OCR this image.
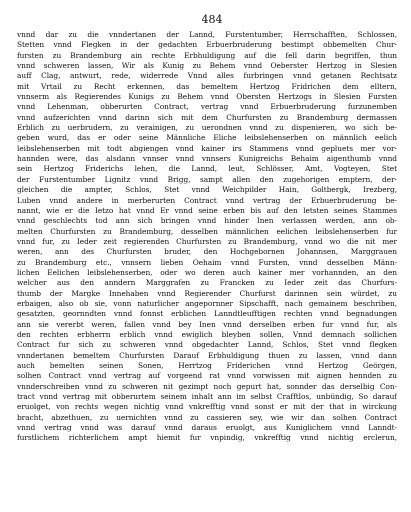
484
vnnd dar zu die vnndertanen der Lannd, Furstentumber, Herrschafften, Schlossen,
Stetten vnnd Flegken in der gedachten Erbuerbruderung bestimpt obbemelten Chur-
fursten zu Brandemburg ain rechte Erbhuldigung auf die fell darin begriffen, thun
vnnd schweren lassen, Wir als Kunig zu Behem vnnd Oeberster Hertzog in Slesien
auff Clag, antwurt, rede, widerrede Vnnd alles furbringen vnnd getanen Rechtsatz
mit Vrtail zu Recht erkennen, das bemeltem Hertzog Fridrichen dem elltern,
vnnserm als Regierendes Kunigs zu Behem vnnd Obersten Hertzogs in Slesien Fursten
vnnd Lehenman, obberurten Contract, vertrag vnnd Erbuerbruderung furzunemben
vnnd aufzerichten vnnd darinn sich mit dem Churfursten zu Brandemburg dermassen
Erblich zu uerbrudern, zu verainigen, zu uerondnen vnnd zu dispenieren, wo sich be-
geben wurd, das er oder seine Männliche Eliche leibslehenserben on männlich eelich
leibslehenserben mit todt abgiengen vnnd kainer irs Stammens vnnd gepluets mer vor-
hannden were, das alsdann vnnser vnnd vnnsers Kunigreichs Behaim aigenthumb vnnd
sein Hertzog Friderichs lehen, die Lannd, leut, Schlösser, Amt, Vogteyen, Stet
der Furstentumber Lignitz vnnd Brigg, sampt allen den zugehorigen emptern, der-
gleichen die ampter, Schlos, Stet vnnd Weichpilder Hain, Goltbergk, Irezberg,
Luben vnnd andere in merberurten Contract vnnd vertrag der Erbuerbruderung be-
nannt, wie er die Ietzo hat vnnd Er vnnd seine erben bis auf den letsten seines Stammes
vnnd geschlechts tod ann sich bringen vnnd hinder Inen verlassen werden, ann ob-
melten Churfursten zu Brandemburg, desselben männlichen eelichen leibslehenserben fur
vnnd fur, zu Ieder zeit regierenden Churfursten zu Brandemburg, vnnd wo die nit mer
weren, ann des Churfursten bruder, den Hochgebornen Johannsen, Marggrauen
zu Brandemburg etc., vnnsern lieben Oehaim vnnd Fursten, vnnd desselben Männ-
lichen Eelichen leibslehenserben, oder wo deren auch kainer mer vorhannden, an den
welcher aus den anndern Marggrafen zu Francken zu Ieder zeit das Churfurs-
thumb der Margke Innehaben vnnd Regierender Churfurst darinnen sein würdet, zu
erbaigen, also ob sie, vonn naturlicher angepornner Sipschafft, nach gemainem beschriben,
gesatzten, geornndten vnnd fonnst erblichen Lanndtleufftigen rechten vnnd begnadungen
ann sie vererbt weren, fallen vnnd bey Inen vnnd derselben erben fur vnnd fur, als
den rechten erbherrn erblich vnnd ewiglich bleyben sollen, Vnnd demnach sollichen
Contract fur sich zu schweren vnnd obgedachter Lannd, Schlos, Stet vnnd flegken
vnndertanen bemeltem Churfursten Darauf Erbhuldigung thuen zu lassen, vnnd dann
auch bemelten seinen Sonen, Herrtzog Friderichen vnnd Hertzog Geörgen,
solhen Contract vnnd vertrag auf vorgeend rat vnnd vorwissen mit aignen hennden zu
vnnderschreiben vnnd zu schweren nit gezimpt noch gepurt hat, sonnder das derselbig Con-
tract vnnd vertrag mit obberurtem seinem inhalt ann im selbst Crafftlos, unbündig, So darauf
eruolget, von rechts wegen nichtig vnnd vnkrefftig vnnd sonst er mit der that in wirckung
bracht, abzethuen, zu uernichten vnnd zu cassieren sey, wie wir dan solhen Contract
vnnd vertrag vnnd was darauf vnnd daraus eruolgt, aus Kuniglichem vnnd Lanndt-
furstlichem richterlichem ampt hiemit fur vnpindig, vnkrefftig vnnd nichtig erclerun,
